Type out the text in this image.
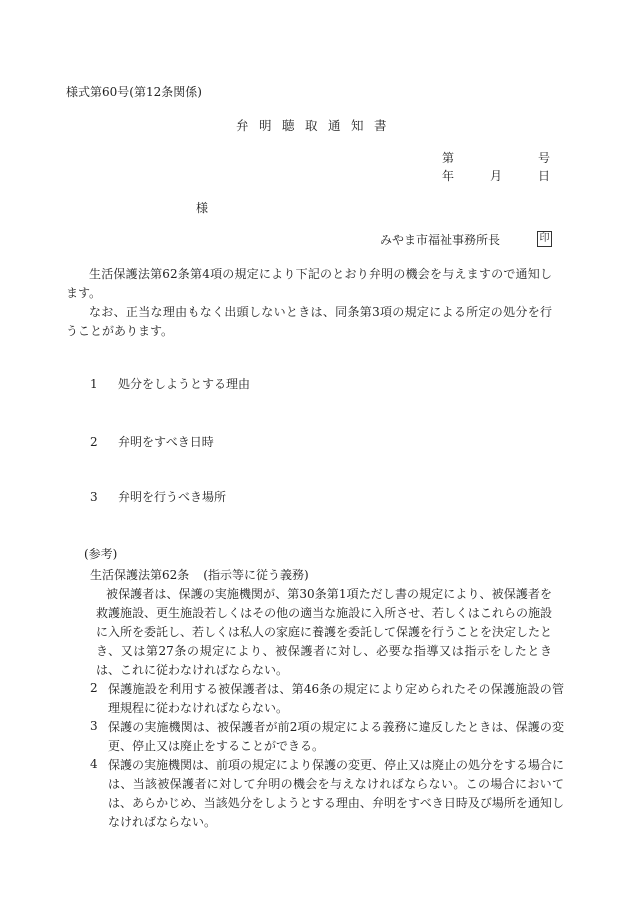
様式第60号(第12条関係)
弁明聴取通知書
第	号
年	月	日
様
みやま市福祉事務所長	印
生活保護法第62条第4項の規定により下記のとおり弁明の機会を与えますので通知します。
なお、正当な理由もなく出頭しないときは、同条第3項の規定による所定の処分を行うことがあります。
1 処分をしようとする理由
2 弁明をすべき日時
3 弁明を行うべき場所
(参考)
生活保護法第62条 (指示等に従う義務)
被保護者は、保護の実施機関が、第30条第1項ただし書の規定により、被保護者を救護施設、更生施設若しくはその他の適当な施設に入所させ、若しくはこれらの施設に入所を委託し、若しくは私人の家庭に養護を委託して保護を行うことを決定したとき、又は第27条の規定により、被保護者に対し、必要な指導又は指示をしたときは、これに従わなければならない。
2 保護施設を利用する被保護者は、第46条の規定により定められたその保護施設の管理規程に従わなければならない。
3 保護の実施機関は、被保護者が前2項の規定による義務に違反したときは、保護の変更、停止又は廃止をすることができる。
4 保護の実施機関は、前項の規定により保護の変更、停止又は廃止の処分をする場合には、当該被保護者に対して弁明の機会を与えなければならない。この場合においては、あらかじめ、当該処分をしようとする理由、弁明をすべき日時及び場所を通知しなければならない。
